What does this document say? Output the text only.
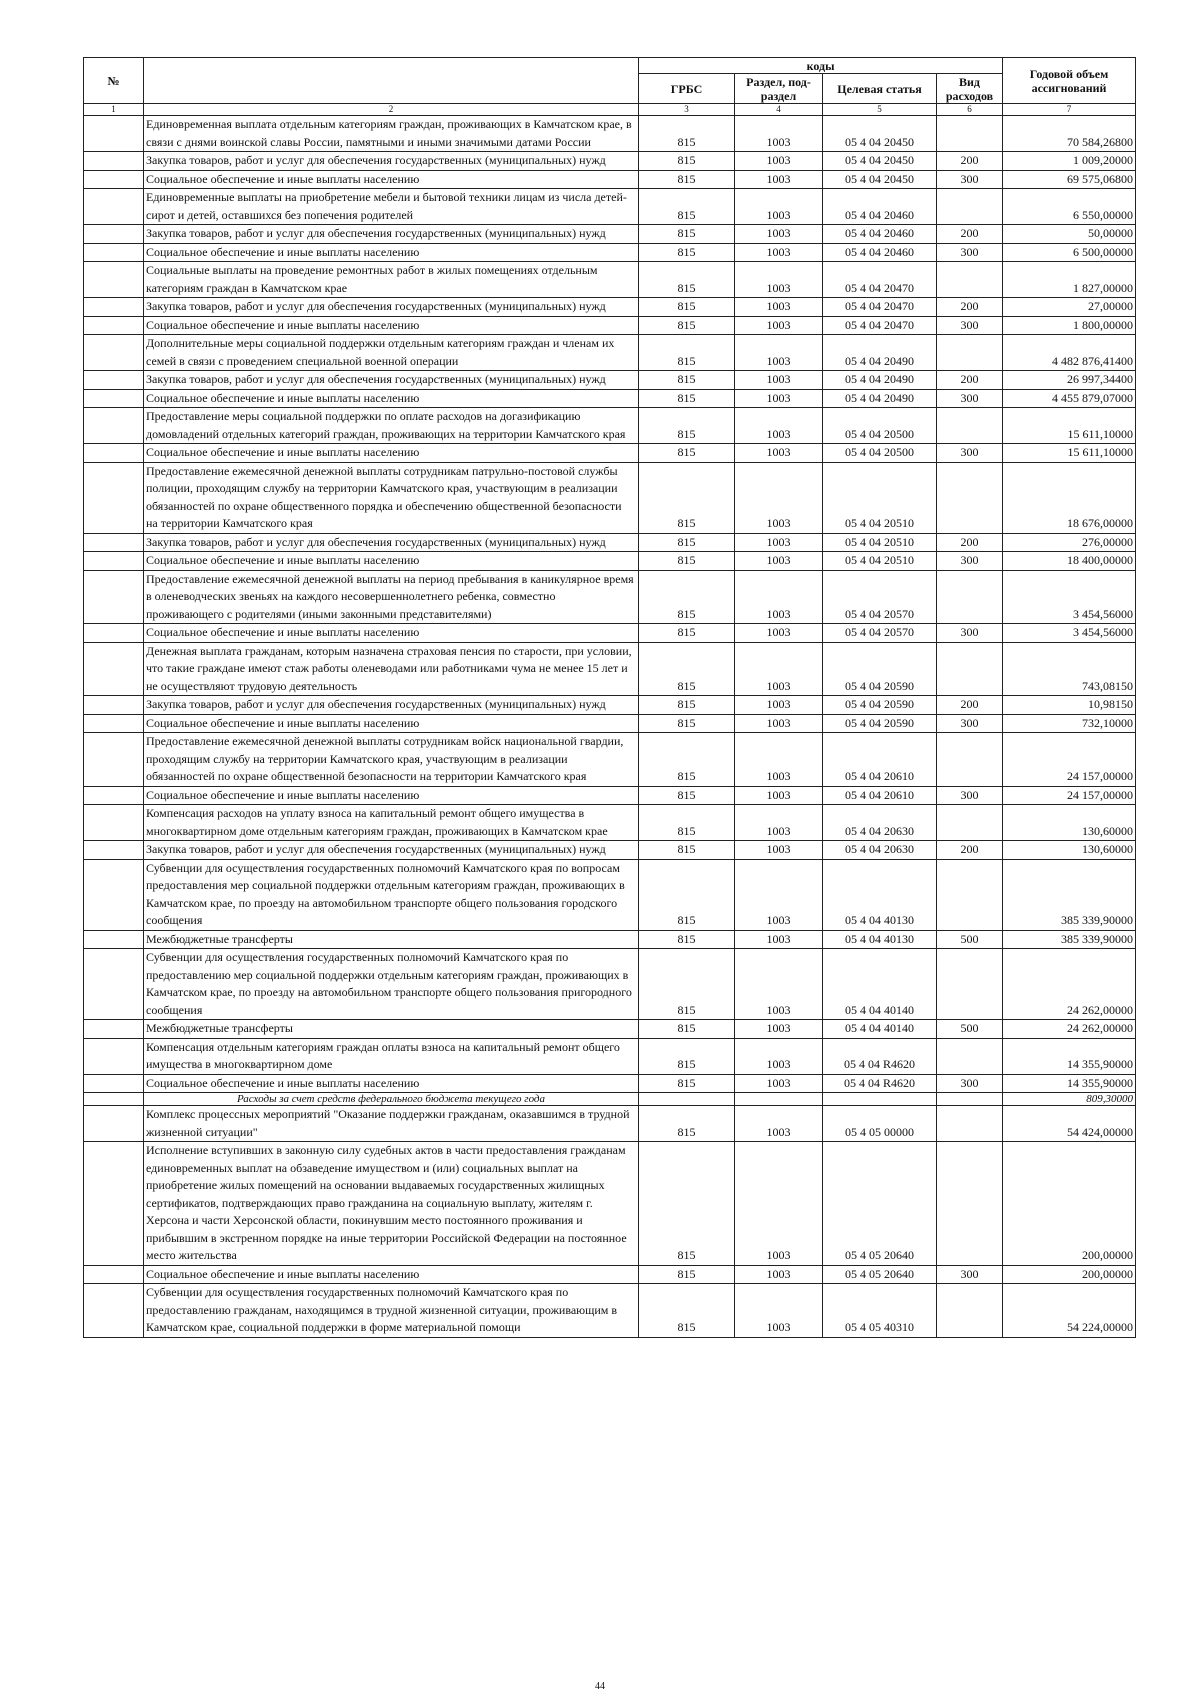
№		коды				Годовой объем ассигнований
		ГРБС	Раздел, под-раздел	Целевая статья	Вид расходов	
1	2	3	4	5	6	7
	Единовременная выплата отдельным категориям граждан, проживающих в Камчатском крае, в связи с днями воинской славы России, памятными и иными значимыми датами России	815	1003	05 4 04 20450		70 584,26800
	Закупка товаров, работ и услуг для обеспечения государственных (муниципальных) нужд	815	1003	05 4 04 20450	200	1 009,20000
	Социальное обеспечение и иные выплаты населению	815	1003	05 4 04 20450	300	69 575,06800
	Единовременные выплаты на приобретение мебели и бытовой техники лицам из числа детей-сирот и детей, оставшихся без попечения родителей	815	1003	05 4 04 20460		6 550,00000
	Закупка товаров, работ и услуг для обеспечения государственных (муниципальных) нужд	815	1003	05 4 04 20460	200	50,00000
	Социальное обеспечение и иные выплаты населению	815	1003	05 4 04 20460	300	6 500,00000
	Социальные выплаты на проведение ремонтных работ в жилых помещениях отдельным категориям граждан в Камчатском крае	815	1003	05 4 04 20470		1 827,00000
	Закупка товаров, работ и услуг для обеспечения государственных (муниципальных) нужд	815	1003	05 4 04 20470	200	27,00000
	Социальное обеспечение и иные выплаты населению	815	1003	05 4 04 20470	300	1 800,00000
	Дополнительные меры социальной поддержки отдельным категориям граждан и членам их семей в связи с проведением специальной военной операции	815	1003	05 4 04 20490		4 482 876,41400
	Закупка товаров, работ и услуг для обеспечения государственных (муниципальных) нужд	815	1003	05 4 04 20490	200	26 997,34400
	Социальное обеспечение и иные выплаты населению	815	1003	05 4 04 20490	300	4 455 879,07000
	Предоставление меры социальной поддержки по оплате расходов на догазификацию домовладений отдельных категорий граждан, проживающих на территории Камчатского края	815	1003	05 4 04 20500		15 611,10000
	Социальное обеспечение и иные выплаты населению	815	1003	05 4 04 20500	300	15 611,10000
	Предоставление ежемесячной денежной выплаты сотрудникам патрульно-постовой службы полиции, проходящим службу на территории Камчатского края, участвующим в реализации обязанностей по охране общественного порядка и обеспечению общественной безопасности на территории Камчатского края	815	1003	05 4 04 20510		18 676,00000
	Закупка товаров, работ и услуг для обеспечения государственных (муниципальных) нужд	815	1003	05 4 04 20510	200	276,00000
	Социальное обеспечение и иные выплаты населению	815	1003	05 4 04 20510	300	18 400,00000
	Предоставление ежемесячной денежной выплаты на период пребывания в каникулярное время в оленеводческих звеньях на каждого несовершеннолетнего ребенка, совместно проживающего с родителями (иными законными представителями)	815	1003	05 4 04 20570		3 454,56000
	Социальное обеспечение и иные выплаты населению	815	1003	05 4 04 20570	300	3 454,56000
	Денежная выплата гражданам, которым назначена страховая пенсия по старости, при условии, что такие граждане имеют стаж работы оленеводами или работниками чума не менее 15 лет и не осуществляют трудовую деятельность	815	1003	05 4 04 20590		743,08150
	Закупка товаров, работ и услуг для обеспечения государственных (муниципальных) нужд	815	1003	05 4 04 20590	200	10,98150
	Социальное обеспечение и иные выплаты населению	815	1003	05 4 04 20590	300	732,10000
	Предоставление ежемесячной денежной выплаты сотрудникам войск национальной гвардии, проходящим службу на территории Камчатского края, участвующим в реализации обязанностей по охране общественной безопасности на территории Камчатского края	815	1003	05 4 04 20610		24 157,00000
	Социальное обеспечение и иные выплаты населению	815	1003	05 4 04 20610	300	24 157,00000
	Компенсация расходов на уплату взноса на капитальный ремонт общего имущества в многоквартирном доме отдельным категориям граждан, проживающих в Камчатском крае	815	1003	05 4 04 20630		130,60000
	Закупка товаров, работ и услуг для обеспечения государственных (муниципальных) нужд	815	1003	05 4 04 20630	200	130,60000
	Субвенции для осуществления государственных полномочий Камчатского края по вопросам предоставления мер социальной поддержки отдельным категориям граждан, проживающих в Камчатском крае, по проезду на автомобильном транспорте общего пользования городского сообщения	815	1003	05 4 04 40130		385 339,90000
	Межбюджетные трансферты	815	1003	05 4 04 40130	500	385 339,90000
	Субвенции для осуществления государственных полномочий Камчатского края по предоставлению мер социальной поддержки отдельным категориям граждан, проживающих в Камчатском крае, по проезду на автомобильном транспорте общего пользования пригородного сообщения	815	1003	05 4 04 40140		24 262,00000
	Межбюджетные трансферты	815	1003	05 4 04 40140	500	24 262,00000
	Компенсация отдельным категориям граждан оплаты взноса на капитальный ремонт общего имущества в многоквартирном доме	815	1003	05 4 04 R4620		14 355,90000
	Социальное обеспечение и иные выплаты населению	815	1003	05 4 04 R4620	300	14 355,90000
	Расходы за счет средств федерального бюджета текущего года					809,30000
	Комплекс процессных мероприятий "Оказание поддержки гражданам, оказавшимся в трудной жизненной ситуации"	815	1003	05 4 05 00000		54 424,00000
	Исполнение вступивших в законную силу судебных актов в части предоставления гражданам единовременных выплат на обзаведение имуществом и (или) социальных выплат на приобретение жилых помещений на основании выдаваемых государственных жилищных сертификатов, подтверждающих право гражданина на социальную выплату, жителям г. Херсона и части Херсонской области, покинувшим место постоянного проживания и прибывшим в экстренном порядке на иные территории Российской Федерации на постоянное место жительства	815	1003	05 4 05 20640		200,00000
	Социальное обеспечение и иные выплаты населению	815	1003	05 4 05 20640	300	200,00000
	Субвенции для осуществления государственных полномочий Камчатского края по предоставлению гражданам, находящимся в трудной жизненной ситуации, проживающим в Камчатском крае, социальной поддержки в форме материальной помощи	815	1003	05 4 05 40310		54 224,00000
44
